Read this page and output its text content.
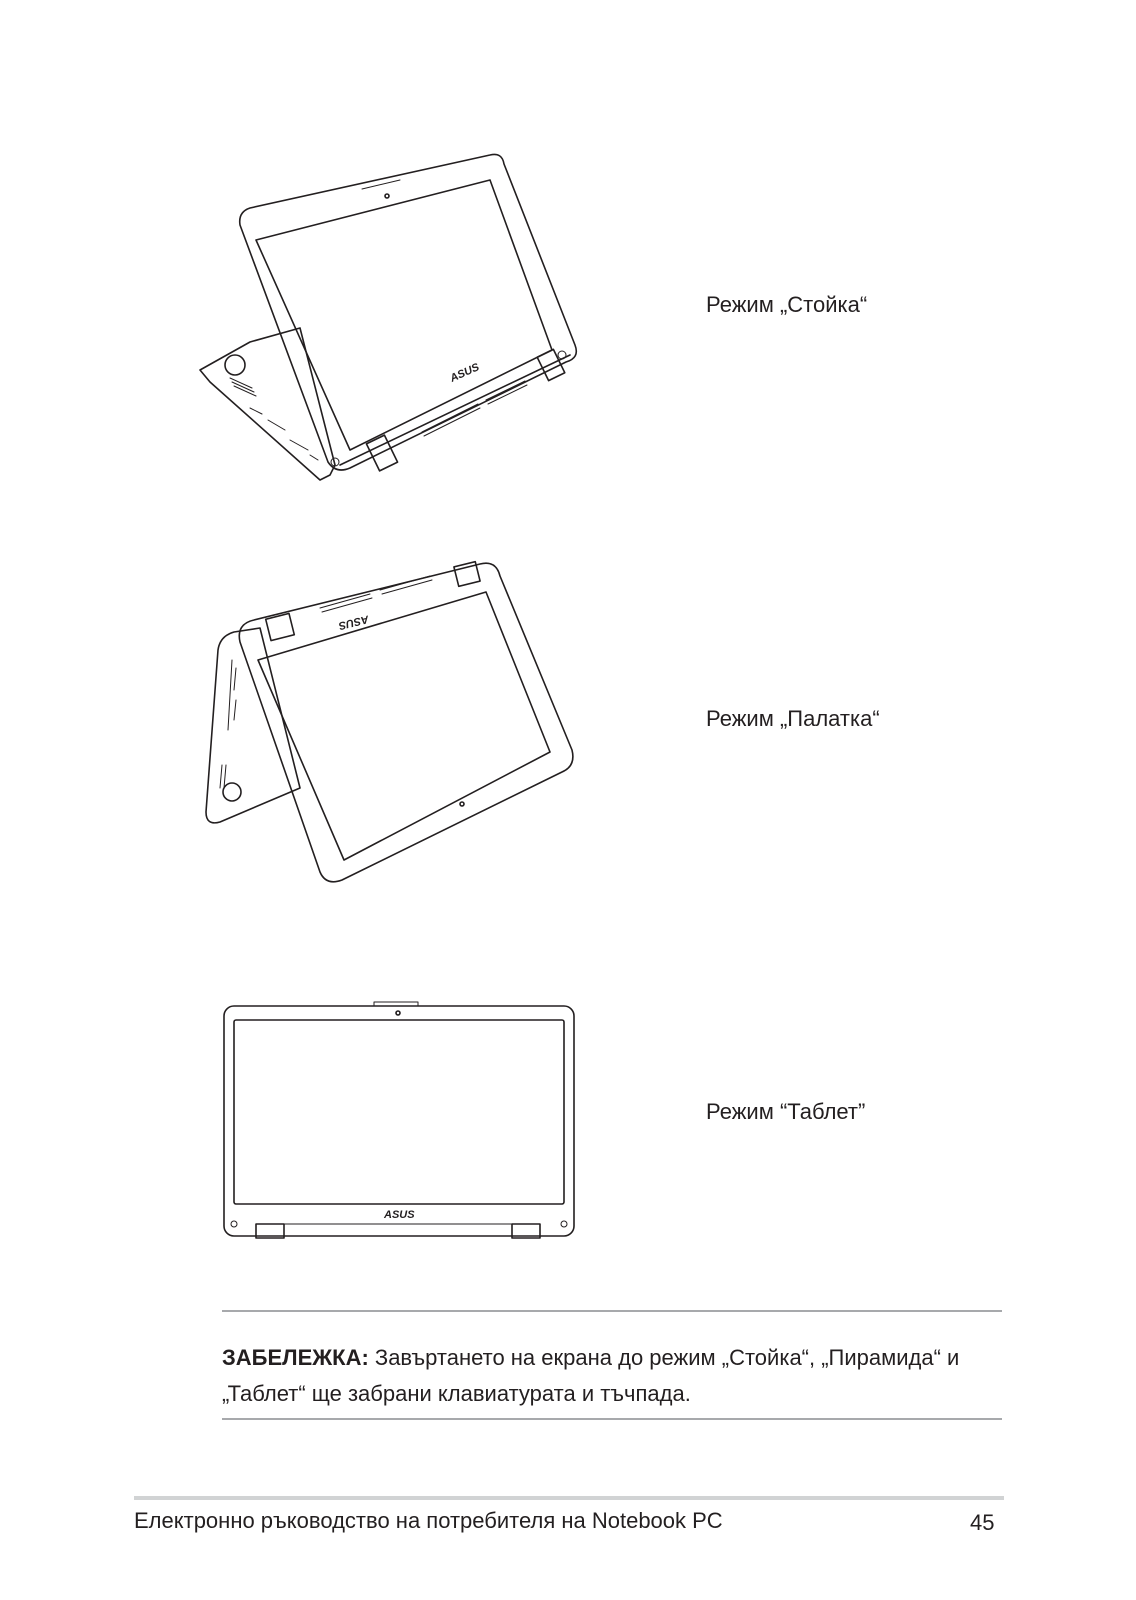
ASUS
Режим „Стойка“
ASUS
Режим „Палатка“
ASUS
Режим “Таблет”
ЗАБЕЛЕЖКА: Завъртането на екрана до режим „Стойка“, „Пирамида“ и „Таблет“ ще забрани клавиатурата и тъчпада.
Електронно ръководство на потребителя на Notebook PC	45
